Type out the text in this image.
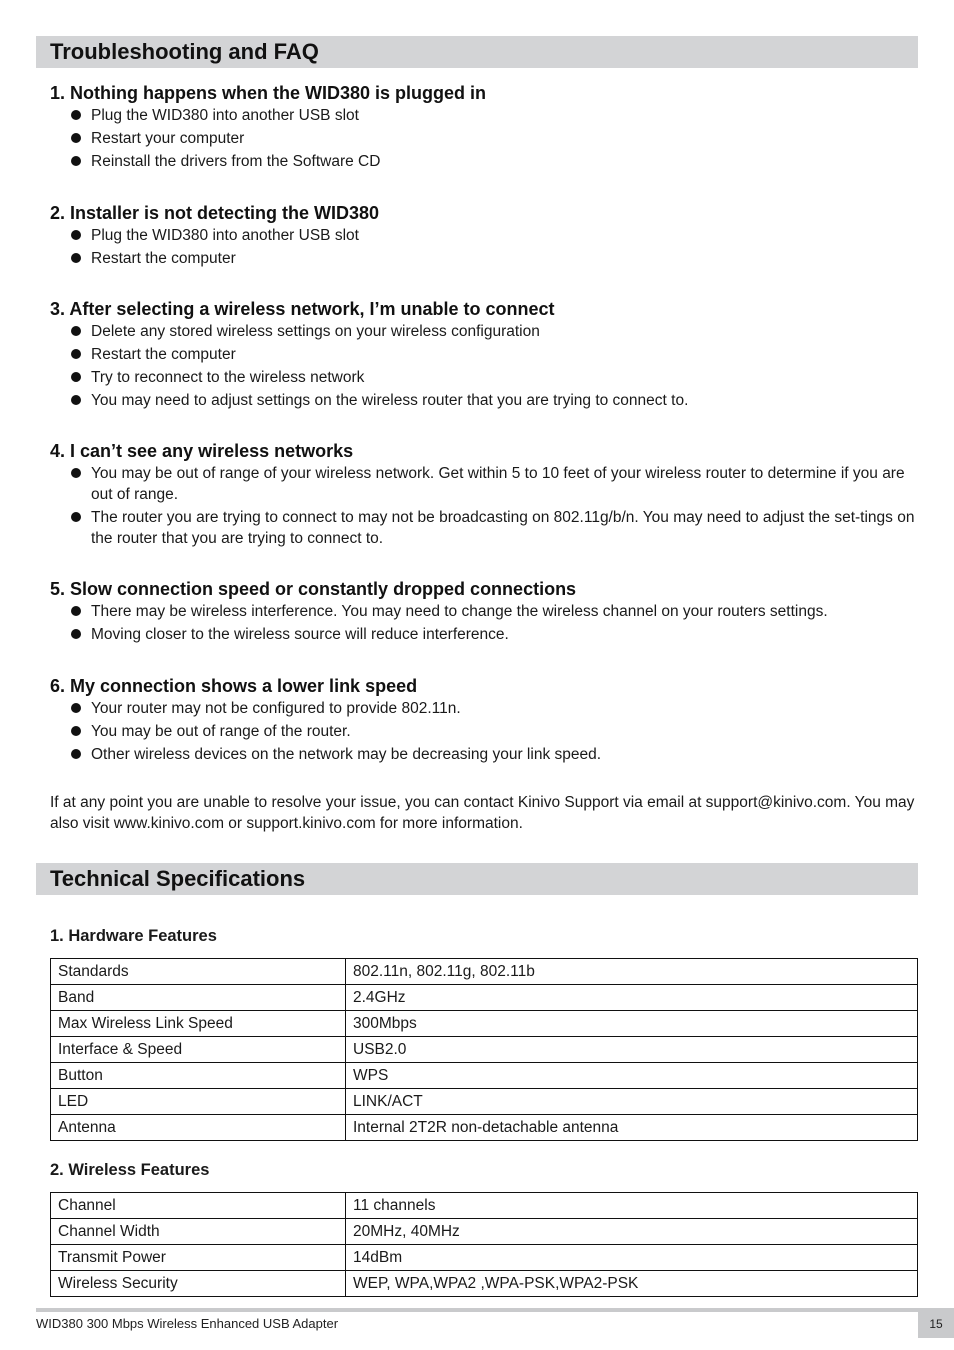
Troubleshooting and FAQ

1. Nothing happens when the WID380 is plugged in

Plug the WID380 into another USB slot
Restart your computer
Reinstall the drivers from the Software CD

2. Installer is not detecting the WID380

Plug the WID380 into another USB slot
Restart the computer

3. After selecting a wireless network, I’m unable to connect

Delete any stored wireless settings on your wireless configuration
Restart the computer
Try to reconnect to the wireless network
You may need to adjust settings on the wireless router that you are trying to connect to.

4. I can’t see any wireless networks

You may be out of range of your wireless network. Get within 5 to 10 feet of your wireless router to determine if you are out of range.
The router you are trying to connect to may not be broadcasting on 802.11g/b/n. You may need to adjust the set-tings on the router that you are trying to connect to.

5. Slow connection speed or constantly dropped connections

There may be wireless interference. You may need to change the wireless channel on your routers settings.
Moving closer to the wireless source will reduce interference.

6. My connection shows a lower link speed

Your router may not be configured to provide 802.11n.
You may be out of range of the router.
Other wireless devices on the network may be decreasing your link speed.

If at any point you are unable to resolve your issue, you can contact Kinivo Support via email at support@kinivo.com. You may also visit www.kinivo.com or support.kinivo.com for more information.

Technical Specifications
1. Hardware Features
Standards	802.11n, 802.11g, 802.11b
Band	2.4GHz
Max Wireless Link Speed	300Mbps
Interface & Speed	USB2.0
Button	WPS
LED	LINK/ACT
Antenna	Internal 2T2R non-detachable antenna
2. Wireless Features
Channel	11 channels
Channel Width	20MHz, 40MHz
Transmit Power	14dBm
Wireless Security	WEP, WPA,WPA2 ,WPA-PSK,WPA2-PSK
WID380 300 Mbps Wireless Enhanced USB Adapter	15
